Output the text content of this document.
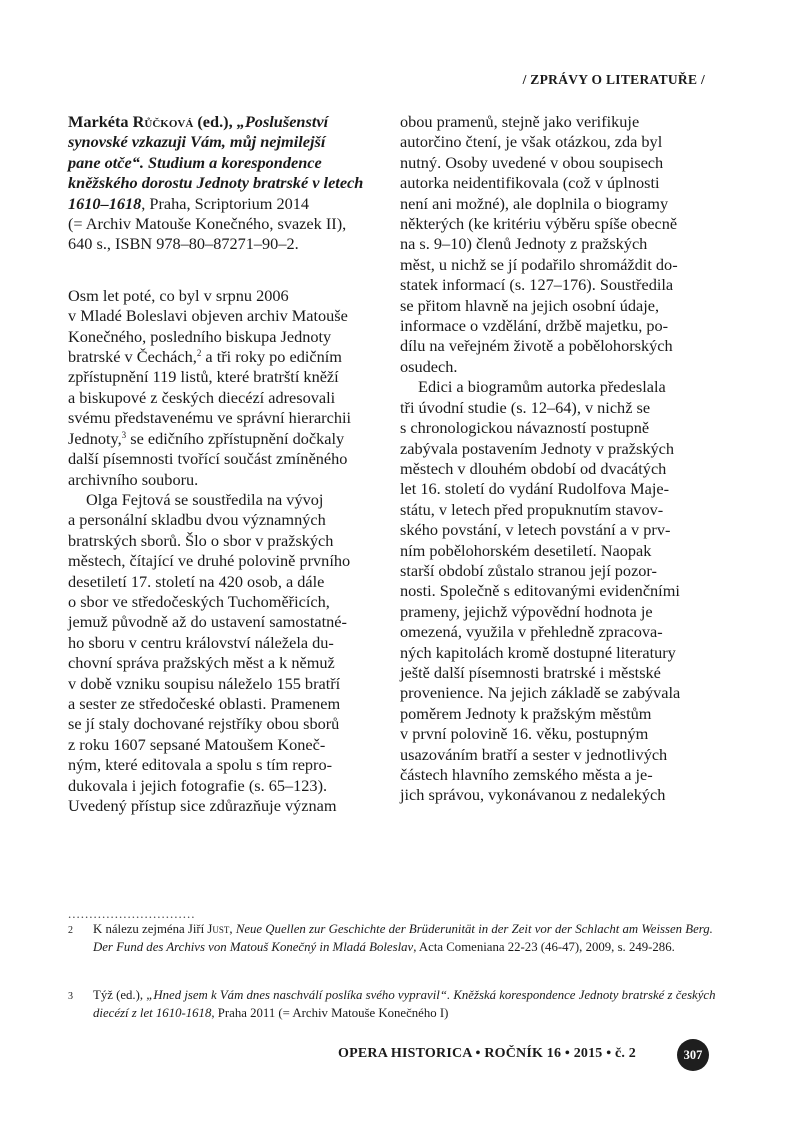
/ ZPRÁVY O LITERATUŘE /
Markéta Růčková (ed.), „Poslušenství
synovské vzkazuji Vám, můj nejmilejší
pane otče“. Studium a korespondence
kněžského dorostu Jednoty bratrské v letech
1610–1618, Praha, Scriptorium 2014
(= Archiv Matouše Konečného, svazek II),
640 s., ISBN 978–80–87271–90–2.
Osm let poté, co byl v srpnu 2006
v Mladé Boleslavi objeven archiv Matouše
Konečného, posledního biskupa Jednoty
bratrské v Čechách,$^2$ a tři roky po edičním
zpřístupnění 119 listů, které bratrští kněží
a biskupové z českých diecézí adresovali
svému představenému ve správní hierarchii
Jednoty,$^3$ se edičního zpřístupnění dočkaly
další písemnosti tvořící součást zmíněného
archivního souboru.
Olga Fejtová se soustředila na vývoj
a personální skladbu dvou významných
bratrských sborů. Šlo o sbor v pražských
městech, čítající ve druhé polovině prvního
desetiletí 17. století na 420 osob, a dále
o sbor ve středočeských Tuchoměřicích,
jemuž původně až do ustavení samostatné-
ho sboru v centru království náležela du-
chovní správa pražských měst a k němuž
v době vzniku soupisu náleželo 155 bratří
a sester ze středočeské oblasti. Pramenem
se jí staly dochované rejstříky obou sborů
z roku 1607 sepsané Matoušem Koneč-
ným, které editovala a spolu s tím repro-
dukovala i jejich fotografie (s. 65–123).
Uvedený přístup sice zdůrazňuje význam
obou pramenů, stejně jako verifikuje
autorčino čtení, je však otázkou, zda byl
nutný. Osoby uvedené v obou soupisech
autorka neidentifikovala (což v úplnosti
není ani možné), ale doplnila o biogramy
některých (ke kritériu výběru spíše obecně
na s. 9–10) členů Jednoty z pražských
měst, u nichž se jí podařilo shromáždit do-
statek informací (s. 127–176). Soustředila
se přitom hlavně na jejich osobní údaje,
informace o vzdělání, držbě majetku, po-
dílu na veřejném životě a pobělohorských
osudech.
Edici a biogramům autorka předeslala
tři úvodní studie (s. 12–64), v nichž se
s chronologickou návazností postupně
zabývala postavením Jednoty v pražských
městech v dlouhém období od dvacátých
let 16. století do vydání Rudolfova Maje-
státu, v letech před propuknutím stavov-
ského povstání, v letech povstání a v prv-
ním pobělohorském desetiletí. Naopak
starší období zůstalo stranou její pozor-
nosti. Společně s editovanými evidenčními
prameny, jejichž výpovědní hodnota je
omezená, využila v přehledně zpracova-
ných kapitolách kromě dostupné literatury
ještě další písemnosti bratrské i městské
provenience. Na jejich základě se zabývala
poměrem Jednoty k pražským městům
v první polovině 16. věku, postupným
usazováním bratří a sester v jednotlivých
částech hlavního zemského města a je-
jich správou, vykonávanou z nedalekých
..............................
2 K nálezu zejména Jiří Just, Neue Quellen zur Geschichte der Brüderunität in der Zeit vor der Schlacht am Weissen Berg. Der Fund des Archivs von Matouš Konečný in Mladá Boleslav, Acta Comeniana 22-23 (46-47), 2009, s. 249-286.
3 Týž (ed.), „Hned jsem k Vám dnes naschválí poslíka svého vypravil“. Kněžská korespondence Jednoty bratrské z českých diecézí z let 1610-1618, Praha 2011 (= Archiv Matouše Konečného I)
OPERA HISTORICA • ROČNÍK 16 • 2015 • č. 2	307
